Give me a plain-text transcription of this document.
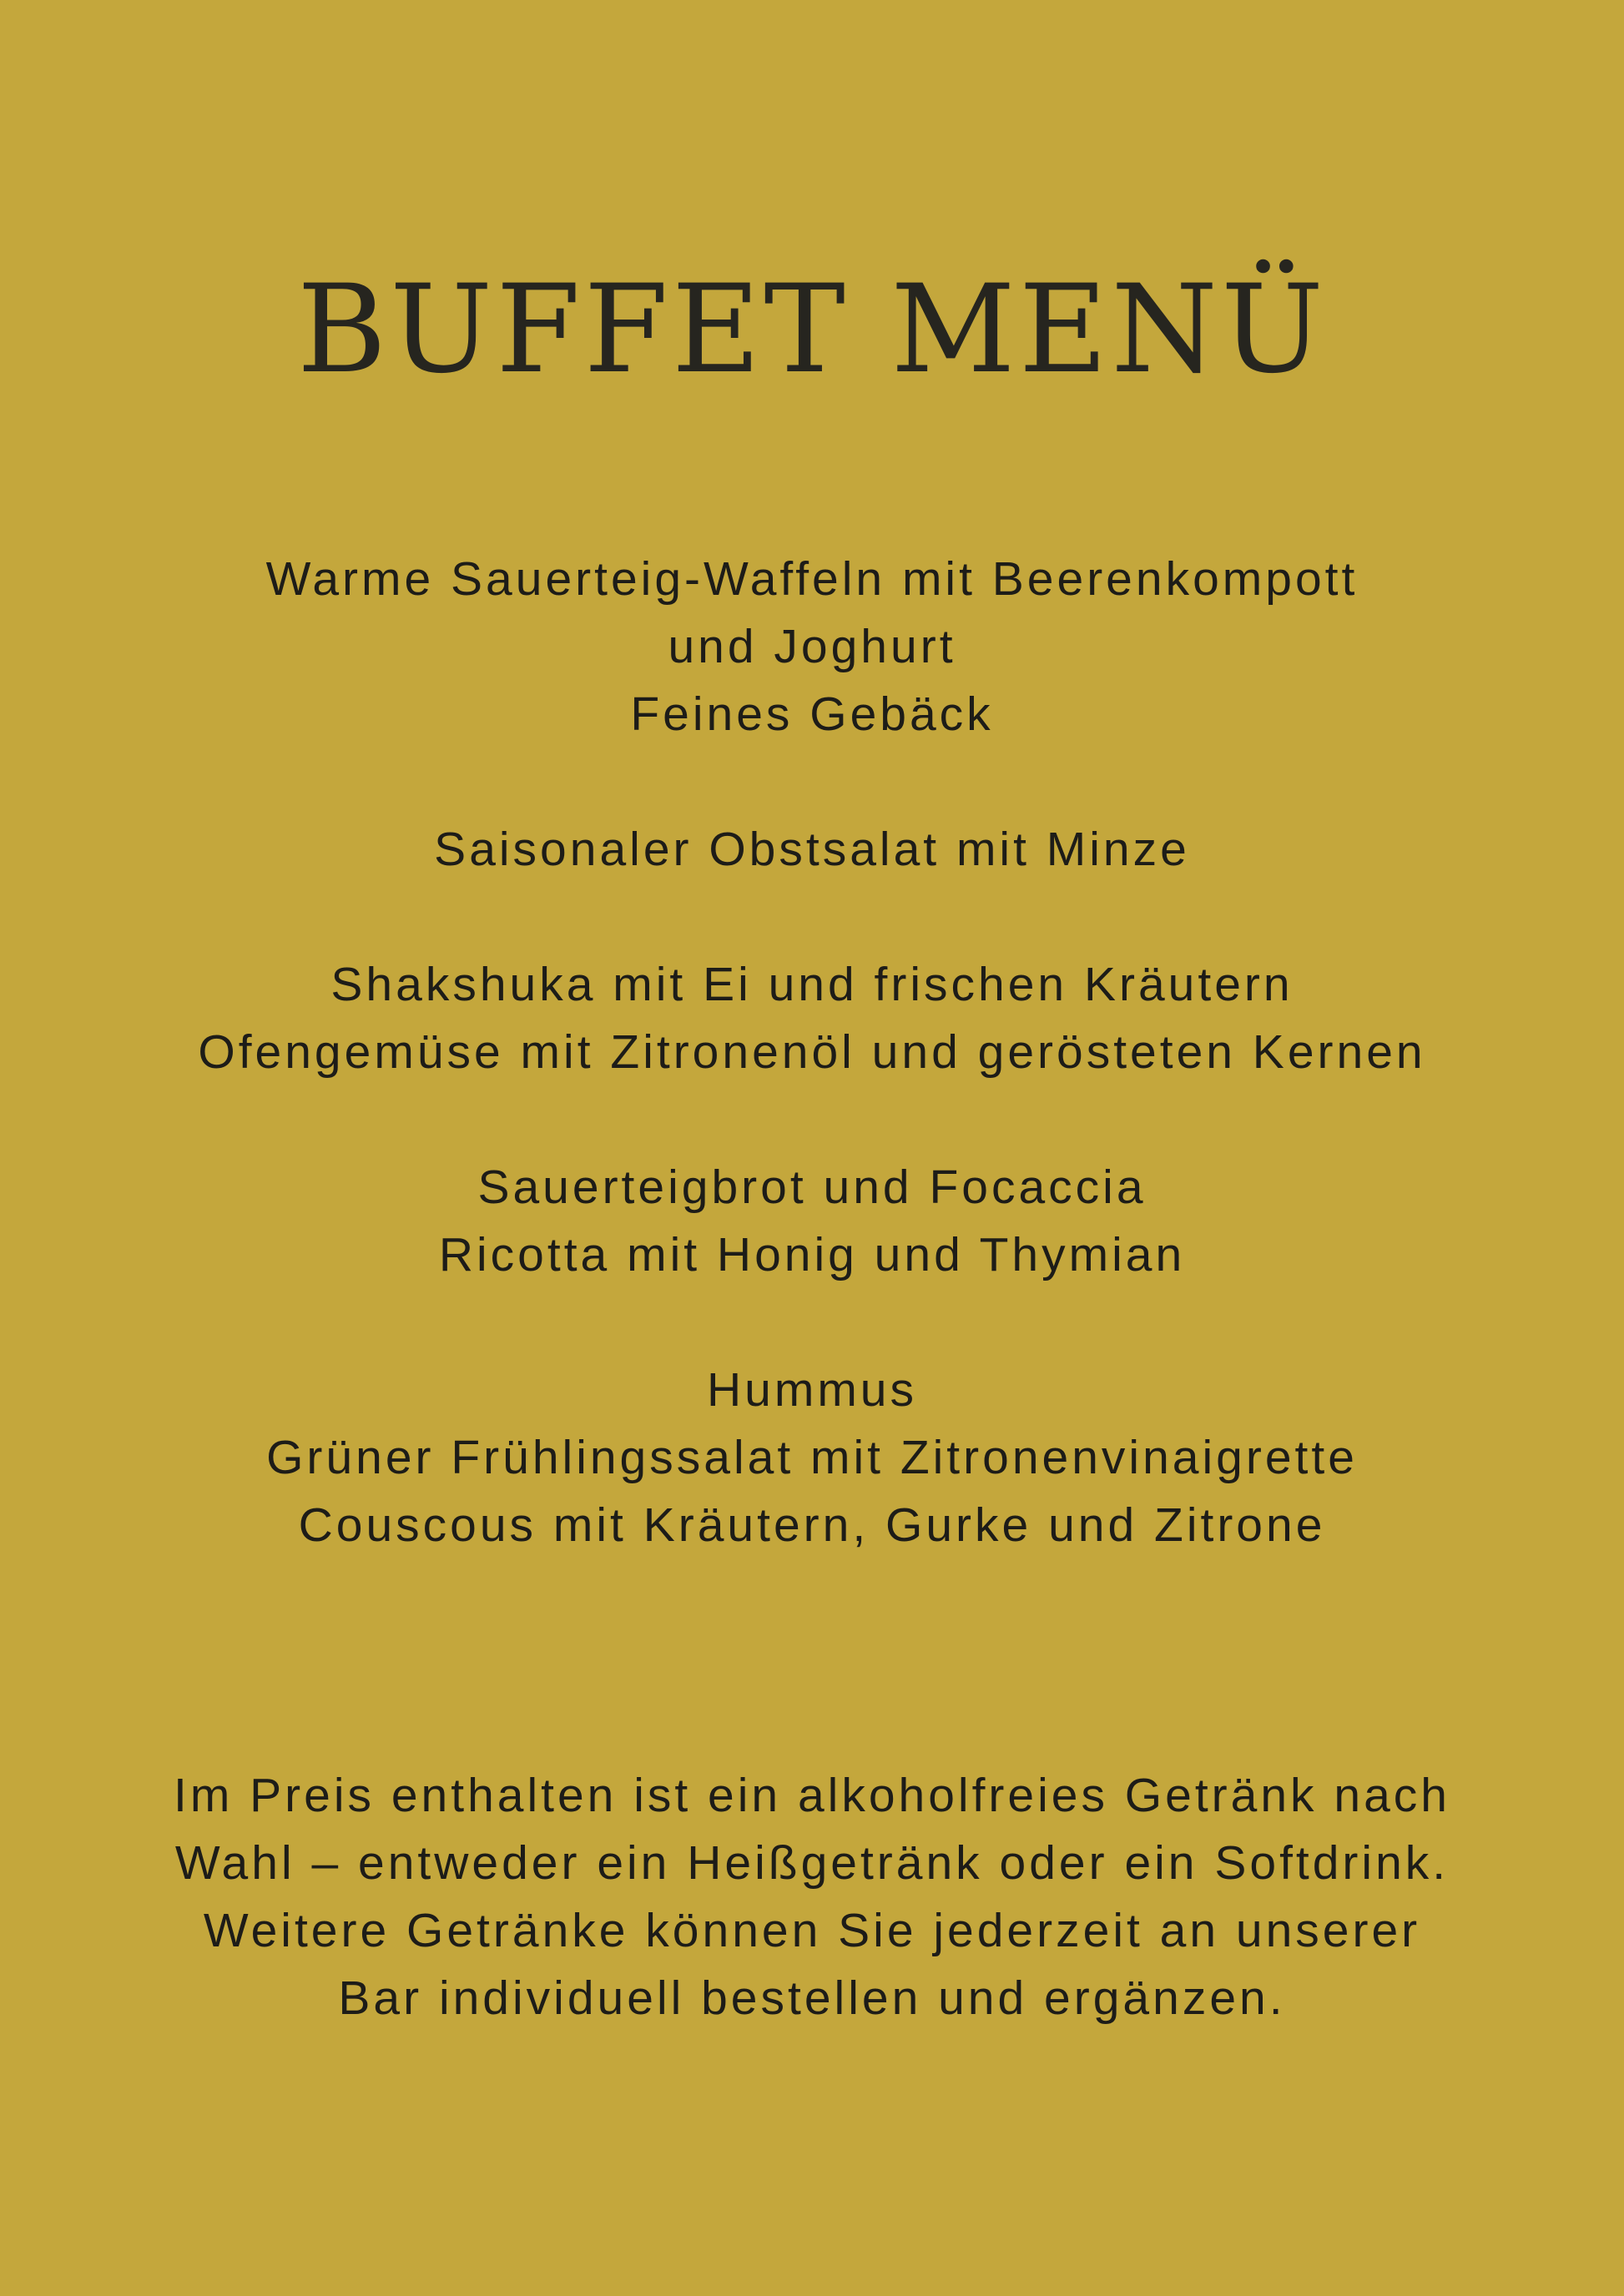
BUFFET MENÜ
Warme Sauerteig-Waffeln mit Beerenkompott
und Joghurt
Feines Gebäck
Saisonaler Obstsalat mit Minze
Shakshuka mit Ei und frischen Kräutern
Ofengemüse mit Zitronenöl und gerösteten Kernen
Sauerteigbrot und Focaccia
Ricotta mit Honig und Thymian
Hummus
Grüner Frühlingssalat mit Zitronenvinaigrette
Couscous mit Kräutern, Gurke und Zitrone
Im Preis enthalten ist ein alkoholfreies Getränk nach
Wahl – entweder ein Heißgetränk oder ein Softdrink.
Weitere Getränke können Sie jederzeit an unserer
Bar individuell bestellen und ergänzen.
